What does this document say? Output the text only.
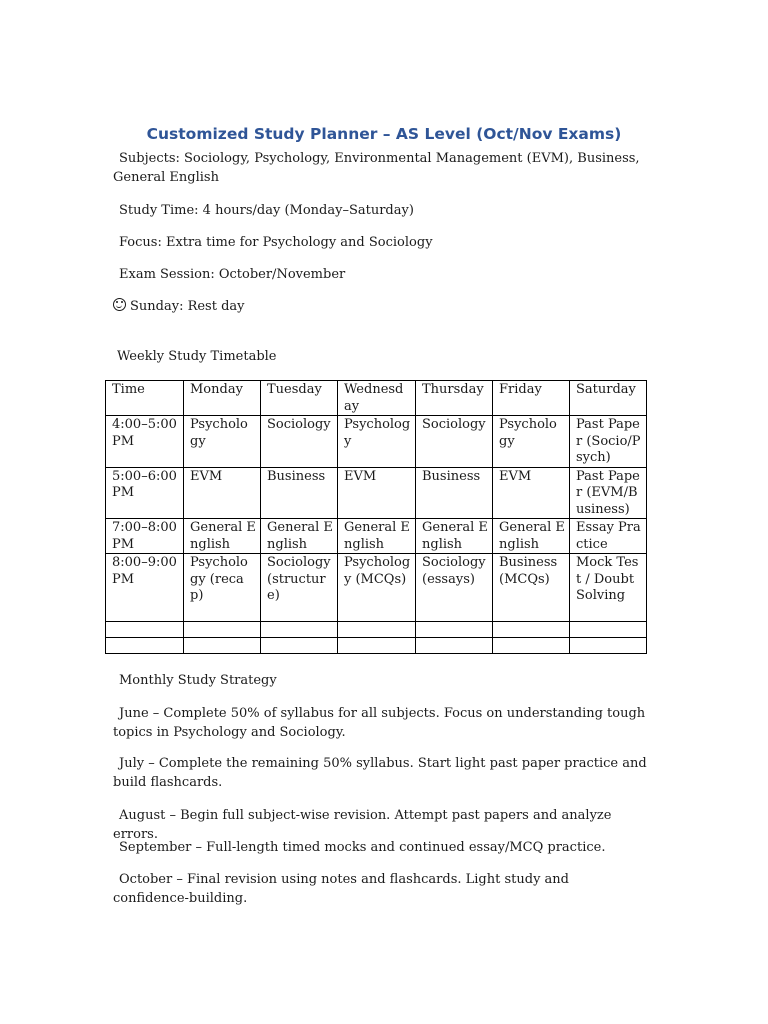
Customized Study Planner – AS Level (Oct/Nov Exams)
Subjects: Sociology, Psychology, Environmental Management (EVM), Business, General English
Study Time: 4 hours/day (Monday–Saturday)
Focus: Extra time for Psychology and Sociology
Exam Session: October/November
Sunday: Rest day
Weekly Study Timetable
Time	Monday	Tuesday	Wednesday	Thursday	Friday	Saturday
4:00–5:00 PM	Psychology	Sociology	Psychology	Sociology	Psychology	Past Paper (Socio/Psych)
5:00–6:00 PM	EVM	Business	EVM	Business	EVM	Past Paper (EVM/Business)
7:00–8:00 PM	General English	General English	General English	General English	General English	Essay Practice
8:00–9:00 PM	Psychology (recap)	Sociology (structure)	Psychology (MCQs)	Sociology (essays)	Business (MCQs)	Mock Test / Doubt Solving

Monthly Study Strategy
June – Complete 50% of syllabus for all subjects. Focus on understanding tough topics in Psychology and Sociology.
July – Complete the remaining 50% syllabus. Start light past paper practice and build flashcards.
August – Begin full subject-wise revision. Attempt past papers and analyze errors.
September – Full-length timed mocks and continued essay/MCQ practice.
October – Final revision using notes and flashcards. Light study and confidence-building.
